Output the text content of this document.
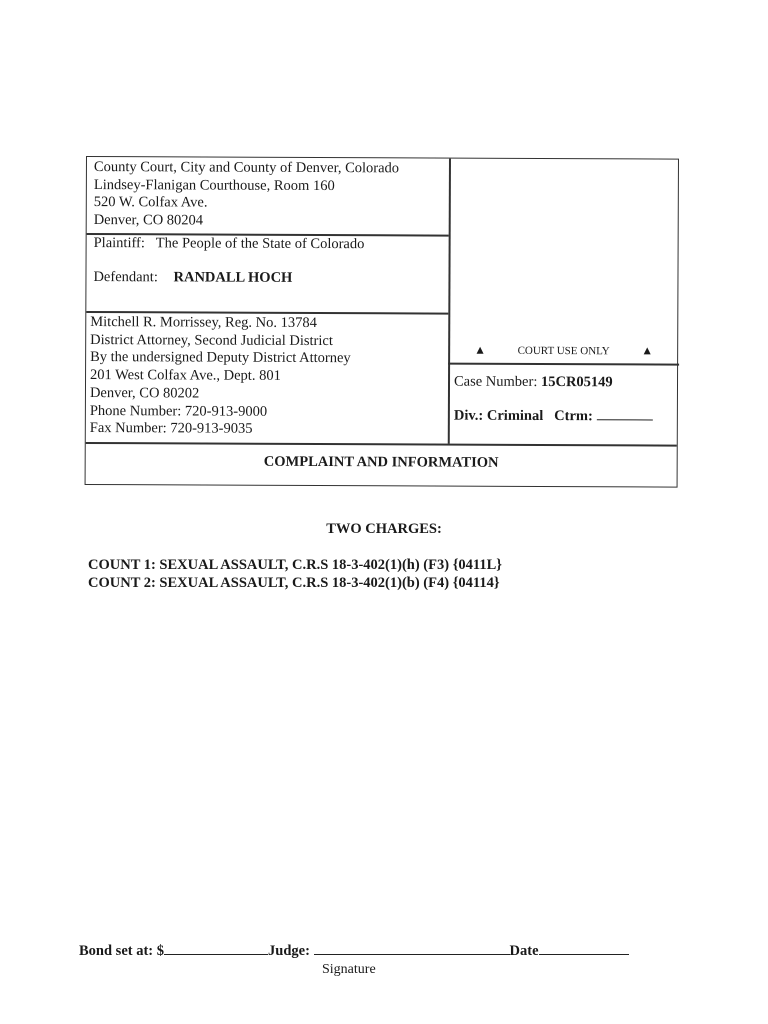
County Court, City and County of Denver, Colorado
Lindsey-Flanigan Courthouse, Room 160
520 W. Colfax Ave.
Denver, CO 80204
Plaintiff: The People of the State of Colorado
Defendant: RANDALL HOCH
Mitchell R. Morrissey, Reg. No. 13784
District Attorney, Second Judicial District
By the undersigned Deputy District Attorney
201 West Colfax Ave., Dept. 801
Denver, CO 80202
Phone Number: 720-913-9000
Fax Number: 720-913-9035
▲	COURT USE ONLY	▲
Case Number: 15CR05149
Div.: Criminal Ctrm:
COMPLAINT AND INFORMATION
TWO CHARGES:
COUNT 1: SEXUAL ASSAULT, C.R.S 18-3-402(1)(h) (F3) {0411L}
COUNT 2: SEXUAL ASSAULT, C.R.S 18-3-402(1)(b) (F4) {04114}
Bond set at: $	Judge:	Date
Signature
